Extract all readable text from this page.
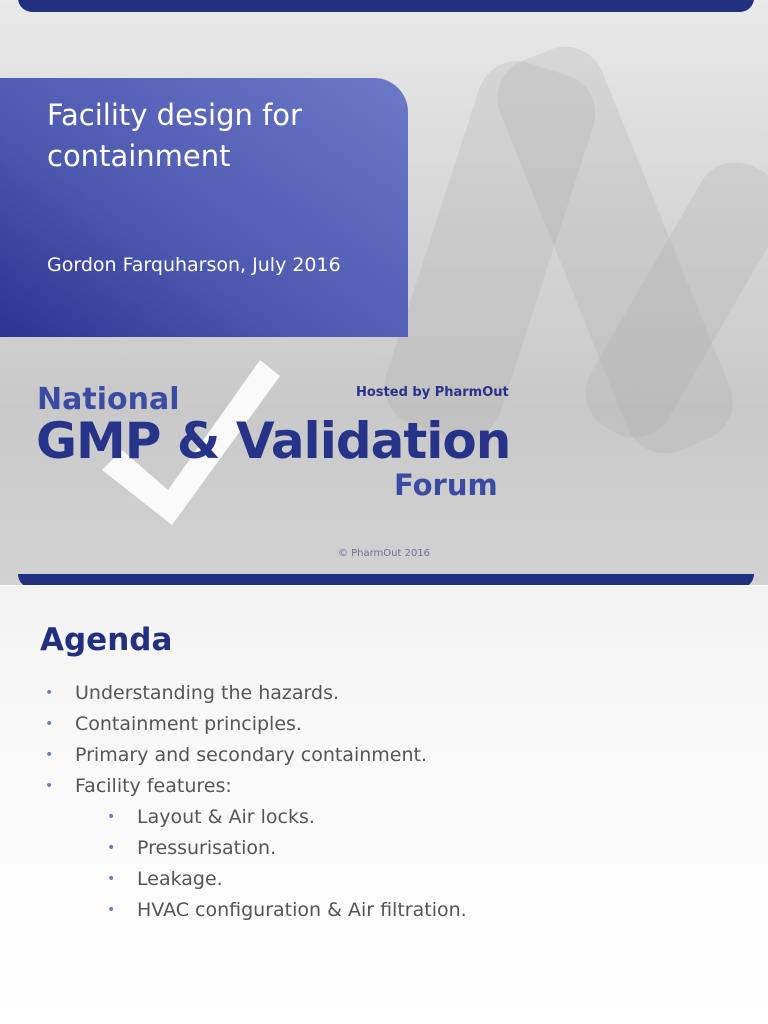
Facility design for containment
Gordon Farquharson, July 2016
National
GMP & Validation
Forum
Hosted by PharmOut
© PharmOut 2016
Agenda
• Understanding the hazards.
• Containment principles.
• Primary and secondary containment.
• Facility features:
• Layout & Air locks.
• Pressurisation.
• Leakage.
• HVAC configuration & Air filtration.
